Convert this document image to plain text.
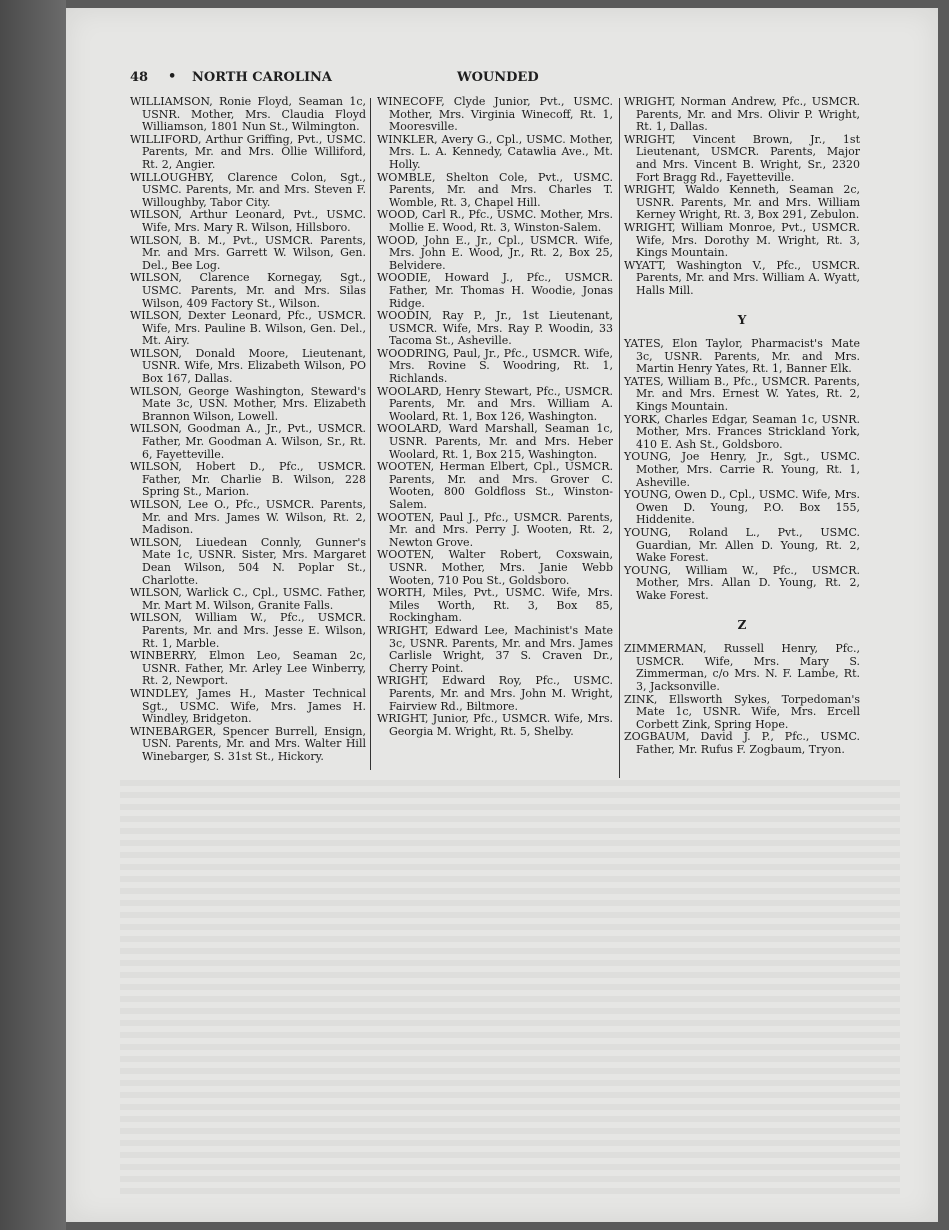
48 • NORTH CAROLINA	WOUNDED

WILLIAMSON, Ronie Floyd, Seaman 1c, USNR. Mother, Mrs. Claudia Floyd Williamson, 1801 Nun St., Wilmington.

WILLIFORD, Arthur Griffing, Pvt., USMC. Parents, Mr. and Mrs. Ollie Williford, Rt. 2, Angier.

WILLOUGHBY, Clarence Colon, Sgt., USMC. Parents, Mr. and Mrs. Steven F. Willoughby, Tabor City.

WILSON, Arthur Leonard, Pvt., USMC. Wife, Mrs. Mary R. Wilson, Hillsboro.

WILSON, B. M., Pvt., USMCR. Parents, Mr. and Mrs. Garrett W. Wilson, Gen. Del., Bee Log.

WILSON, Clarence Kornegay, Sgt., USMC. Parents, Mr. and Mrs. Silas Wilson, 409 Factory St., Wilson.

WILSON, Dexter Leonard, Pfc., USMCR. Wife, Mrs. Pauline B. Wilson, Gen. Del., Mt. Airy.

WILSON, Donald Moore, Lieutenant, USNR. Wife, Mrs. Elizabeth Wilson, PO Box 167, Dallas.

WILSON, George Washington, Steward's Mate 3c, USN. Mother, Mrs. Elizabeth Brannon Wilson, Lowell.

WILSON, Goodman A., Jr., Pvt., USMCR. Father, Mr. Goodman A. Wilson, Sr., Rt. 6, Fayetteville.

WILSON, Hobert D., Pfc., USMCR. Father, Mr. Charlie B. Wilson, 228 Spring St., Marion.

WILSON, Lee O., Pfc., USMCR. Parents, Mr. and Mrs. James W. Wilson, Rt. 2, Madison.

WILSON, Liuedean Connly, Gunner's Mate 1c, USNR. Sister, Mrs. Margaret Dean Wilson, 504 N. Poplar St., Charlotte.

WILSON, Warlick C., Cpl., USMC. Father, Mr. Mart M. Wilson, Granite Falls.

WILSON, William W., Pfc., USMCR. Parents, Mr. and Mrs. Jesse E. Wilson, Rt. 1, Marble.

WINBERRY, Elmon Leo, Seaman 2c, USNR. Father, Mr. Arley Lee Winberry, Rt. 2, Newport.

WINDLEY, James H., Master Technical Sgt., USMC. Wife, Mrs. James H. Windley, Bridgeton.

WINEBARGER, Spencer Burrell, Ensign, USN. Parents, Mr. and Mrs. Walter Hill Winebarger, S. 31st St., Hickory.

WINECOFF, Clyde Junior, Pvt., USMC. Mother, Mrs. Virginia Winecoff, Rt. 1, Mooresville.

WINKLER, Avery G., Cpl., USMC. Mother, Mrs. L. A. Kennedy, Catawlia Ave., Mt. Holly.

WOMBLE, Shelton Cole, Pvt., USMC. Parents, Mr. and Mrs. Charles T. Womble, Rt. 3, Chapel Hill.

WOOD, Carl R., Pfc., USMC. Mother, Mrs. Mollie E. Wood, Rt. 3, Winston-Salem.

WOOD, John E., Jr., Cpl., USMCR. Wife, Mrs. John E. Wood, Jr., Rt. 2, Box 25, Belvidere.

WOODIE, Howard J., Pfc., USMCR. Father, Mr. Thomas H. Woodie, Jonas Ridge.

WOODIN, Ray P., Jr., 1st Lieutenant, USMCR. Wife, Mrs. Ray P. Woodin, 33 Tacoma St., Asheville.

WOODRING, Paul, Jr., Pfc., USMCR. Wife, Mrs. Rovine S. Woodring, Rt. 1, Richlands.

WOOLARD, Henry Stewart, Pfc., USMCR. Parents, Mr. and Mrs. William A. Woolard, Rt. 1, Box 126, Washington.

WOOLARD, Ward Marshall, Seaman 1c, USNR. Parents, Mr. and Mrs. Heber Woolard, Rt. 1, Box 215, Washington.

WOOTEN, Herman Elbert, Cpl., USMCR. Parents, Mr. and Mrs. Grover C. Wooten, 800 Goldfloss St., Winston-Salem.

WOOTEN, Paul J., Pfc., USMCR. Parents, Mr. and Mrs. Perry J. Wooten, Rt. 2, Newton Grove.

WOOTEN, Walter Robert, Coxswain, USNR. Mother, Mrs. Janie Webb Wooten, 710 Pou St., Goldsboro.

WORTH, Miles, Pvt., USMC. Wife, Mrs. Miles Worth, Rt. 3, Box 85, Rockingham.

WRIGHT, Edward Lee, Machinist's Mate 3c, USNR. Parents, Mr. and Mrs. James Carlisle Wright, 37 S. Craven Dr., Cherry Point.

WRIGHT, Edward Roy, Pfc., USMC. Parents, Mr. and Mrs. John M. Wright, Fairview Rd., Biltmore.

WRIGHT, Junior, Pfc., USMCR. Wife, Mrs. Georgia M. Wright, Rt. 5, Shelby.

WRIGHT, Norman Andrew, Pfc., USMCR. Parents, Mr. and Mrs. Olivir P. Wright, Rt. 1, Dallas.

WRIGHT, Vincent Brown, Jr., 1st Lieutenant, USMCR. Parents, Major and Mrs. Vincent B. Wright, Sr., 2320 Fort Bragg Rd., Fayetteville.

WRIGHT, Waldo Kenneth, Seaman 2c, USNR. Parents, Mr. and Mrs. William Kerney Wright, Rt. 3, Box 291, Zebulon.

WRIGHT, William Monroe, Pvt., USMCR. Wife, Mrs. Dorothy M. Wright, Rt. 3, Kings Mountain.

WYATT, Washington V., Pfc., USMCR. Parents, Mr. and Mrs. William A. Wyatt, Halls Mill.

Y

YATES, Elon Taylor, Pharmacist's Mate 3c, USNR. Parents, Mr. and Mrs. Martin Henry Yates, Rt. 1, Banner Elk.

YATES, William B., Pfc., USMCR. Parents, Mr. and Mrs. Ernest W. Yates, Rt. 2, Kings Mountain.

YORK, Charles Edgar, Seaman 1c, USNR. Mother, Mrs. Frances Strickland York, 410 E. Ash St., Goldsboro.

YOUNG, Joe Henry, Jr., Sgt., USMC. Mother, Mrs. Carrie R. Young, Rt. 1, Asheville.

YOUNG, Owen D., Cpl., USMC. Wife, Mrs. Owen D. Young, P.O. Box 155, Hiddenite.

YOUNG, Roland L., Pvt., USMC. Guardian, Mr. Allen D. Young, Rt. 2, Wake Forest.

YOUNG, William W., Pfc., USMCR. Mother, Mrs. Allan D. Young, Rt. 2, Wake Forest.

Z

ZIMMERMAN, Russell Henry, Pfc., USMCR. Wife, Mrs. Mary S. Zimmerman, c/o Mrs. N. F. Lambe, Rt. 3, Jacksonville.

ZINK, Ellsworth Sykes, Torpedoman's Mate 1c, USNR. Wife, Mrs. Ercell Corbett Zink, Spring Hope.

ZOGBAUM, David J. P., Pfc., USMC. Father, Mr. Rufus F. Zogbaum, Tryon.
